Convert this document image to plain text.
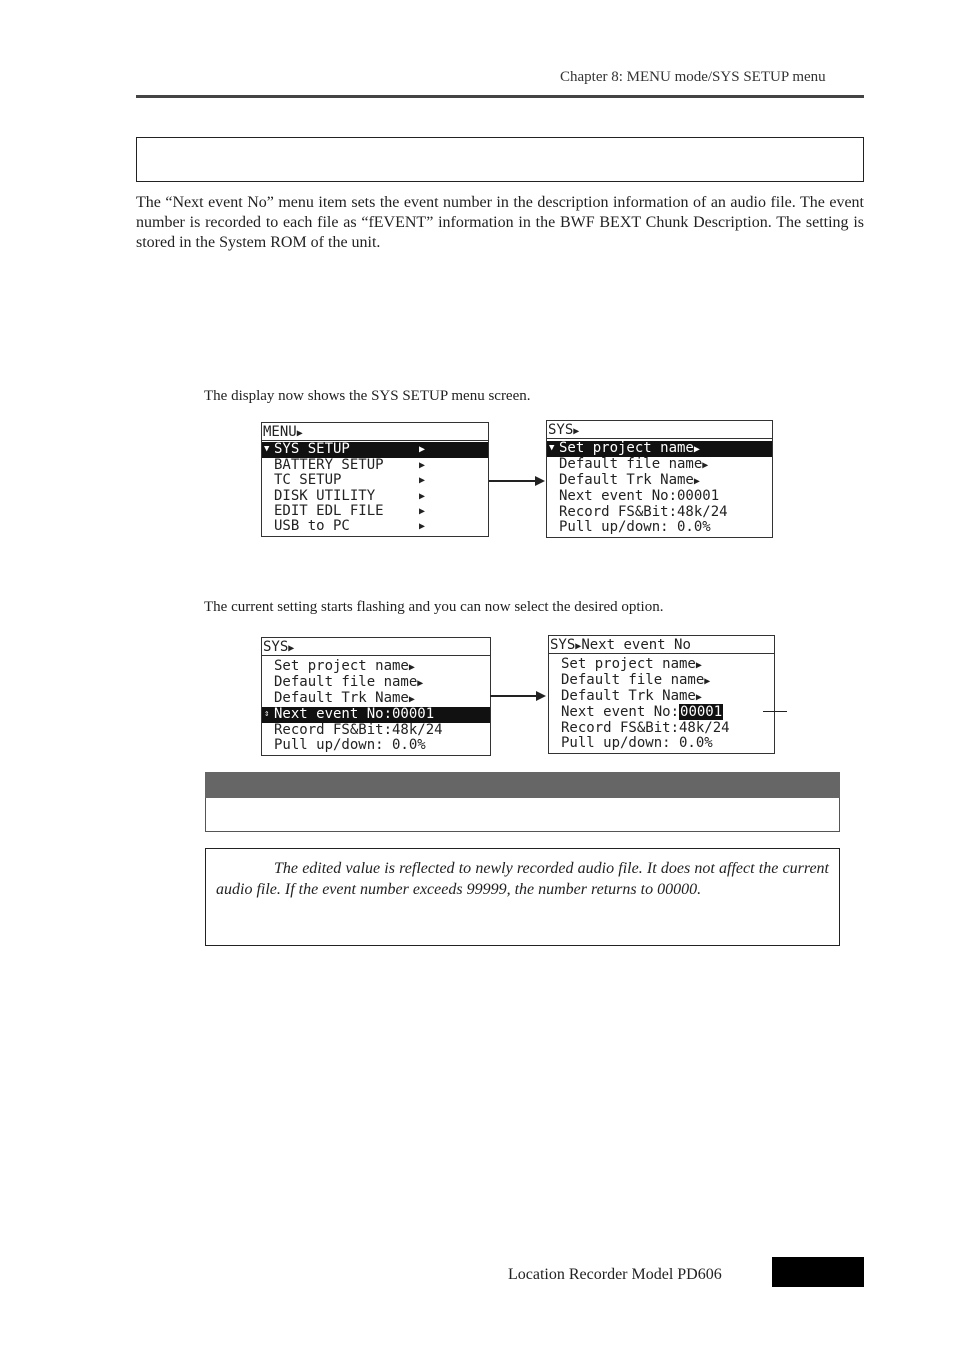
Chapter 8: MENU mode/SYS SETUP menu
The “Next event No” menu item sets the event number in the description information of an audio file. The event number is recorded to each file as “fEVENT” information in the BWF BEXT Chunk Description. The setting is stored in the System ROM of the unit.
The display now shows the SYS SETUP menu screen.
MENU▶
▼ SYS SETUP	▶
BATTERY SETUP	▶
TC SETUP	▶
DISK UTILITY	▶
EDIT EDL FILE	▶
USB to PC	▶
SYS▶
▼ Set project name▶
Default file name▶
Default Trk Name▶
Next event No:00001
Record FS&Bit:48k/24
Pull up/down: 0.0%
The current setting starts flashing and you can now select the desired option.
SYS▶
Set project name▶
Default file name▶
Default Trk Name▶
⇕ Next event No:00001
Record FS&Bit:48k/24
Pull up/down: 0.0%
SYS▶Next event No
Set project name▶
Default file name▶
Default Trk Name▶
Next event No:00001
Record FS&Bit:48k/24
Pull up/down: 0.0%
The edited value is reflected to newly recorded audio file. It does not affect the current audio file. If the event number exceeds 99999, the number returns to 00000.
Location Recorder Model PD606
